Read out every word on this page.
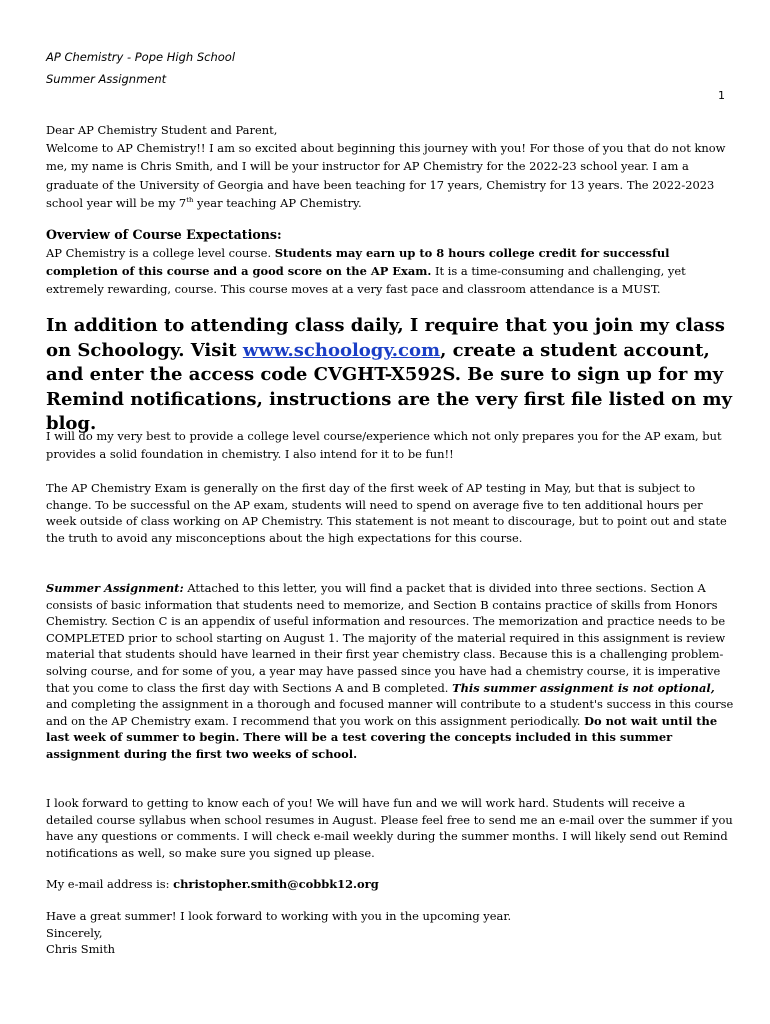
AP Chemistry - Pope High School
Summer Assignment
1

Dear AP Chemistry Student and Parent,
Welcome to AP Chemistry!! I am so excited about beginning this journey with you! For those of you that do not know me, my name is Chris Smith, and I will be your instructor for AP Chemistry for the 2022-23 school year. I am a graduate of the University of Georgia and have been teaching for 17 years, Chemistry for 13 years. The 2022-2023 school year will be my 7th year teaching AP Chemistry.

Overview of Course Expectations:

AP Chemistry is a college level course. Students may earn up to 8 hours college credit for successful completion of this course and a good score on the AP Exam. It is a time-consuming and challenging, yet extremely rewarding, course. This course moves at a very fast pace and classroom attendance is a MUST.

In addition to attending class daily, I require that you join my class on Schoology. Visit www.schoology.com, create a student account, and enter the access code CVGHT-X592S. Be sure to sign up for my Remind notifications, instructions are the very first file listed on my blog.

I will do my very best to provide a college level course/experience which not only prepares you for the AP exam, but provides a solid foundation in chemistry. I also intend for it to be fun!!

The AP Chemistry Exam is generally on the first day of the first week of AP testing in May, but that is subject to change. To be successful on the AP exam, students will need to spend on average five to ten additional hours per week outside of class working on AP Chemistry. This statement is not meant to discourage, but to point out and state the truth to avoid any misconceptions about the high expectations for this course.

Summer Assignment: Attached to this letter, you will find a packet that is divided into three sections. Section A consists of basic information that students need to memorize, and Section B contains practice of skills from Honors Chemistry. Section C is an appendix of useful information and resources. The memorization and practice needs to be COMPLETED prior to school starting on August 1. The majority of the material required in this assignment is review material that students should have learned in their first year chemistry class. Because this is a challenging problem-solving course, and for some of you, a year may have passed since you have had a chemistry course, it is imperative that you come to class the first day with Sections A and B completed. This summer assignment is not optional, and completing the assignment in a thorough and focused manner will contribute to a student's success in this course and on the AP Chemistry exam. I recommend that you work on this assignment periodically. Do not wait until the last week of summer to begin. There will be a test covering the concepts included in this summer assignment during the first two weeks of school.

I look forward to getting to know each of you! We will have fun and we will work hard. Students will receive a detailed course syllabus when school resumes in August. Please feel free to send me an e-mail over the summer if you have any questions or comments. I will check e-mail weekly during the summer months. I will likely send out Remind notifications as well, so make sure you signed up please.

My e-mail address is: christopher.smith@cobbk12.org

Have a great summer! I look forward to working with you in the upcoming year.
Sincerely,
Chris Smith
